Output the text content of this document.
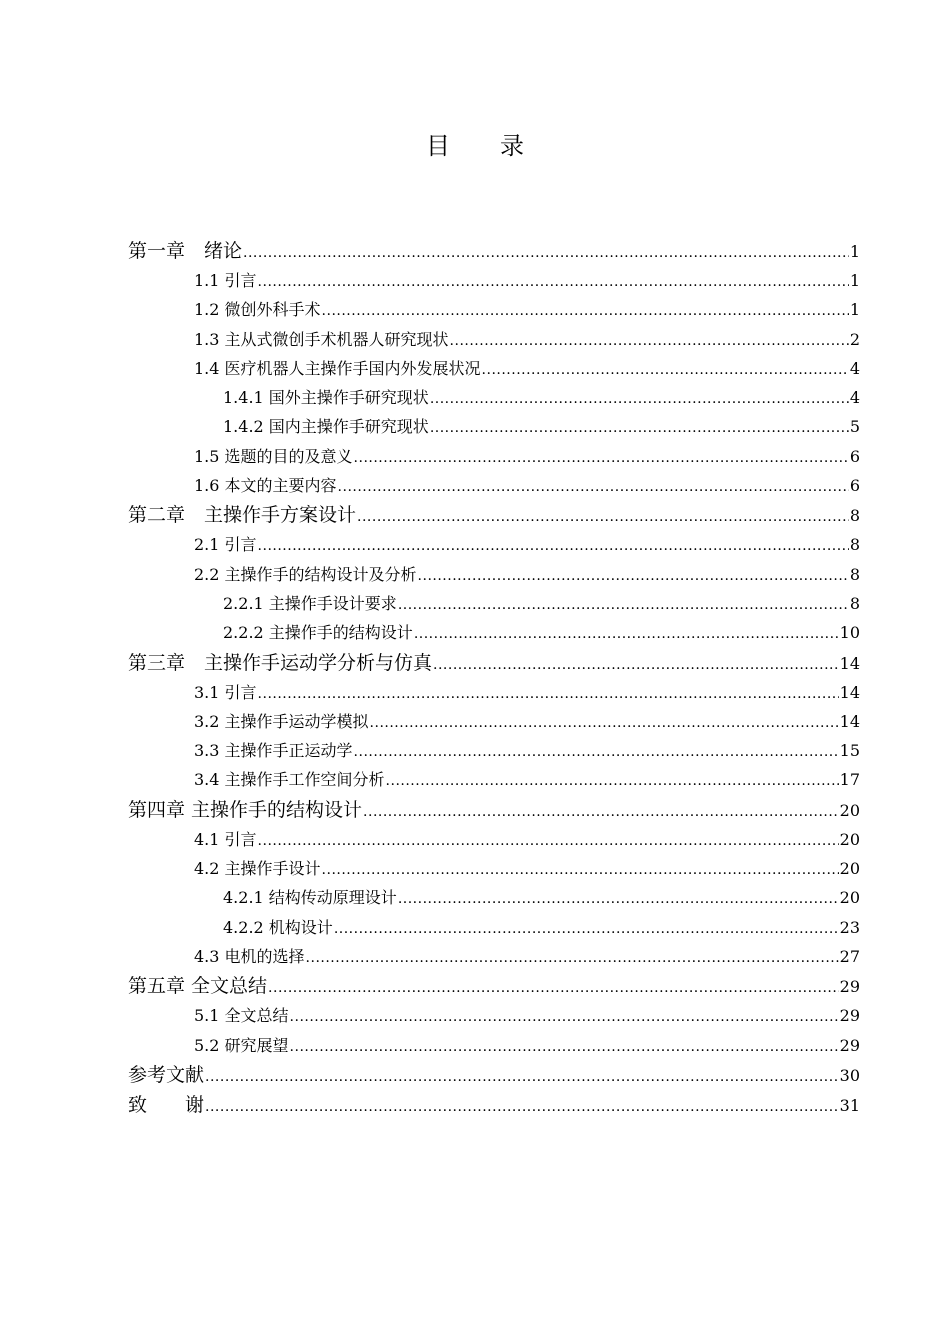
目 录
第一章　绪论 .....	1
1.1 引言 .....	1
1.2 微创外科手术 .....	1
1.3 主从式微创手术机器人研究现状 .....	2
1.4 医疗机器人主操作手国内外发展状况 .....	4
1.4.1 国外主操作手研究现状 .....	4
1.4.2 国内主操作手研究现状 .....	5
1.5 选题的目的及意义 .....	6
1.6 本文的主要内容 .....	6
第二章　主操作手方案设计 .....	8
2.1 引言 .....	8
2.2 主操作手的结构设计及分析 .....	8
2.2.1 主操作手设计要求 .....	8
2.2.2 主操作手的结构设计 .....	10
第三章　主操作手运动学分析与仿真 .....	14
3.1 引言 .....	14
3.2 主操作手运动学模拟 .....	14
3.3 主操作手正运动学 .....	15
3.4 主操作手工作空间分析 .....	17
第四章 主操作手的结构设计 .....	20
4.1 引言 .....	20
4.2 主操作手设计 .....	20
4.2.1 结构传动原理设计 .....	20
4.2.2 机构设计 .....	23
4.3 电机的选择 .....	27
第五章 全文总结 .....	29
5.1 全文总结 .....	29
5.2 研究展望 .....	29
参考文献 .....	30
致　　谢 .....	31
